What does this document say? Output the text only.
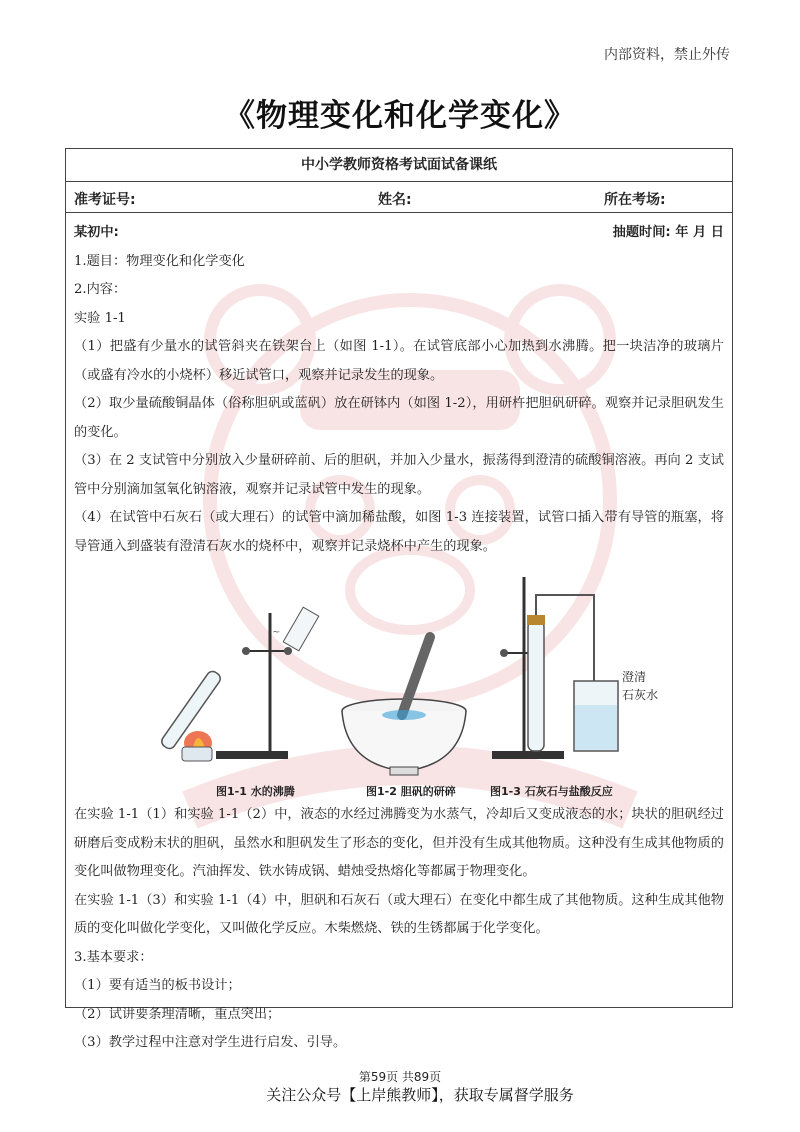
内部资料，禁止外传
《物理变化和化学变化》
中小学教师资格考试面试备课纸
准考证号:	姓名:	所在考场:
某初中:	抽题时间: 年 月 日
1.题目：物理变化和化学变化
2.内容：
实验 1-1
（1）把盛有少量水的试管斜夹在铁架台上（如图 1-1）。在试管底部小心加热到水沸腾。把一块洁净的玻璃片（或盛有冷水的小烧杯）移近试管口，观察并记录发生的现象。
（2）取少量硫酸铜晶体（俗称胆矾或蓝矾）放在研钵内（如图 1-2），用研杵把胆矾研碎。观察并记录胆矾发生的变化。
（3）在 2 支试管中分别放入少量研碎前、后的胆矾，并加入少量水，振荡得到澄清的硫酸铜溶液。再向 2 支试管中分别滴加氢氧化钠溶液，观察并记录试管中发生的现象。
（4）在试管中石灰石（或大理石）的试管中滴加稀盐酸，如图 1-3 连接装置，试管口插入带有导管的瓶塞，将导管通入到盛装有澄清石灰水的烧杯中，观察并记录烧杯中产生的现象。
~
澄清
石灰水
图1-1 水的沸腾	图1-2 胆矾的研碎	图1-3 石灰石与盐酸反应
在实验 1-1（1）和实验 1-1（2）中，液态的水经过沸腾变为水蒸气，冷却后又变成液态的水；块状的胆矾经过研磨后变成粉末状的胆矾，虽然水和胆矾发生了形态的变化，但并没有生成其他物质。这种没有生成其他物质的变化叫做物理变化。汽油挥发、铁水铸成锅、蜡烛受热熔化等都属于物理变化。
在实验 1-1（3）和实验 1-1（4）中，胆矾和石灰石（或大理石）在变化中都生成了其他物质。这种生成其他物质的变化叫做化学变化，又叫做化学反应。木柴燃烧、铁的生锈都属于化学变化。
3.基本要求：
（1）要有适当的板书设计；
（2）试讲要条理清晰，重点突出；
（3）教学过程中注意对学生进行启发、引导。
第59页 共89页
关注公众号【上岸熊教师】，获取专属督学服务
